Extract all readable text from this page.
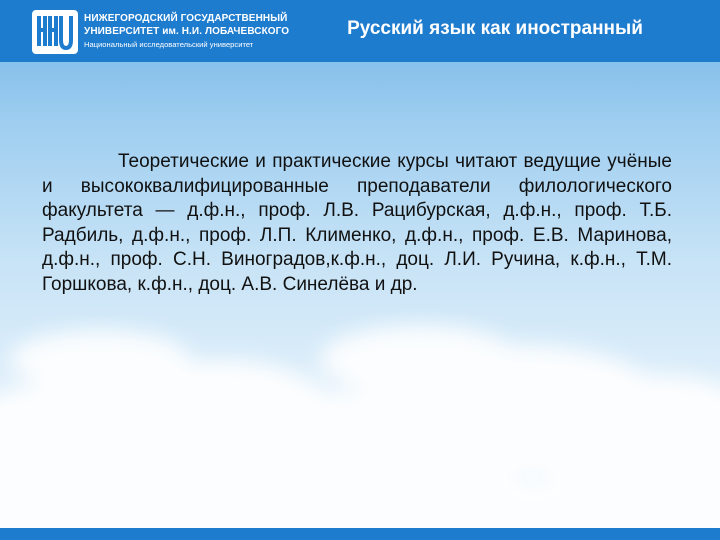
НИЖЕГОРОДСКИЙ ГОСУДАРСТВЕННЫЙ
УНИВЕРСИТЕТ им. Н.И. ЛОБАЧЕВСКОГО
Национальный исследовательский университет
Русский язык как иностранный

Теоретические и практические курсы читают ведущие учёные и высококвалифицированные преподаватели филологического факультета — д.ф.н., проф. Л.В. Рацибурская, д.ф.н., проф. Т.Б. Радбиль, д.ф.н., проф. Л.П. Клименко, д.ф.н., проф. Е.В. Маринова, д.ф.н., проф. С.Н. Виноградов,к.ф.н., доц. Л.И. Ручина, к.ф.н., Т.М. Горшкова, к.ф.н., доц. А.В. Синелёва и др.
